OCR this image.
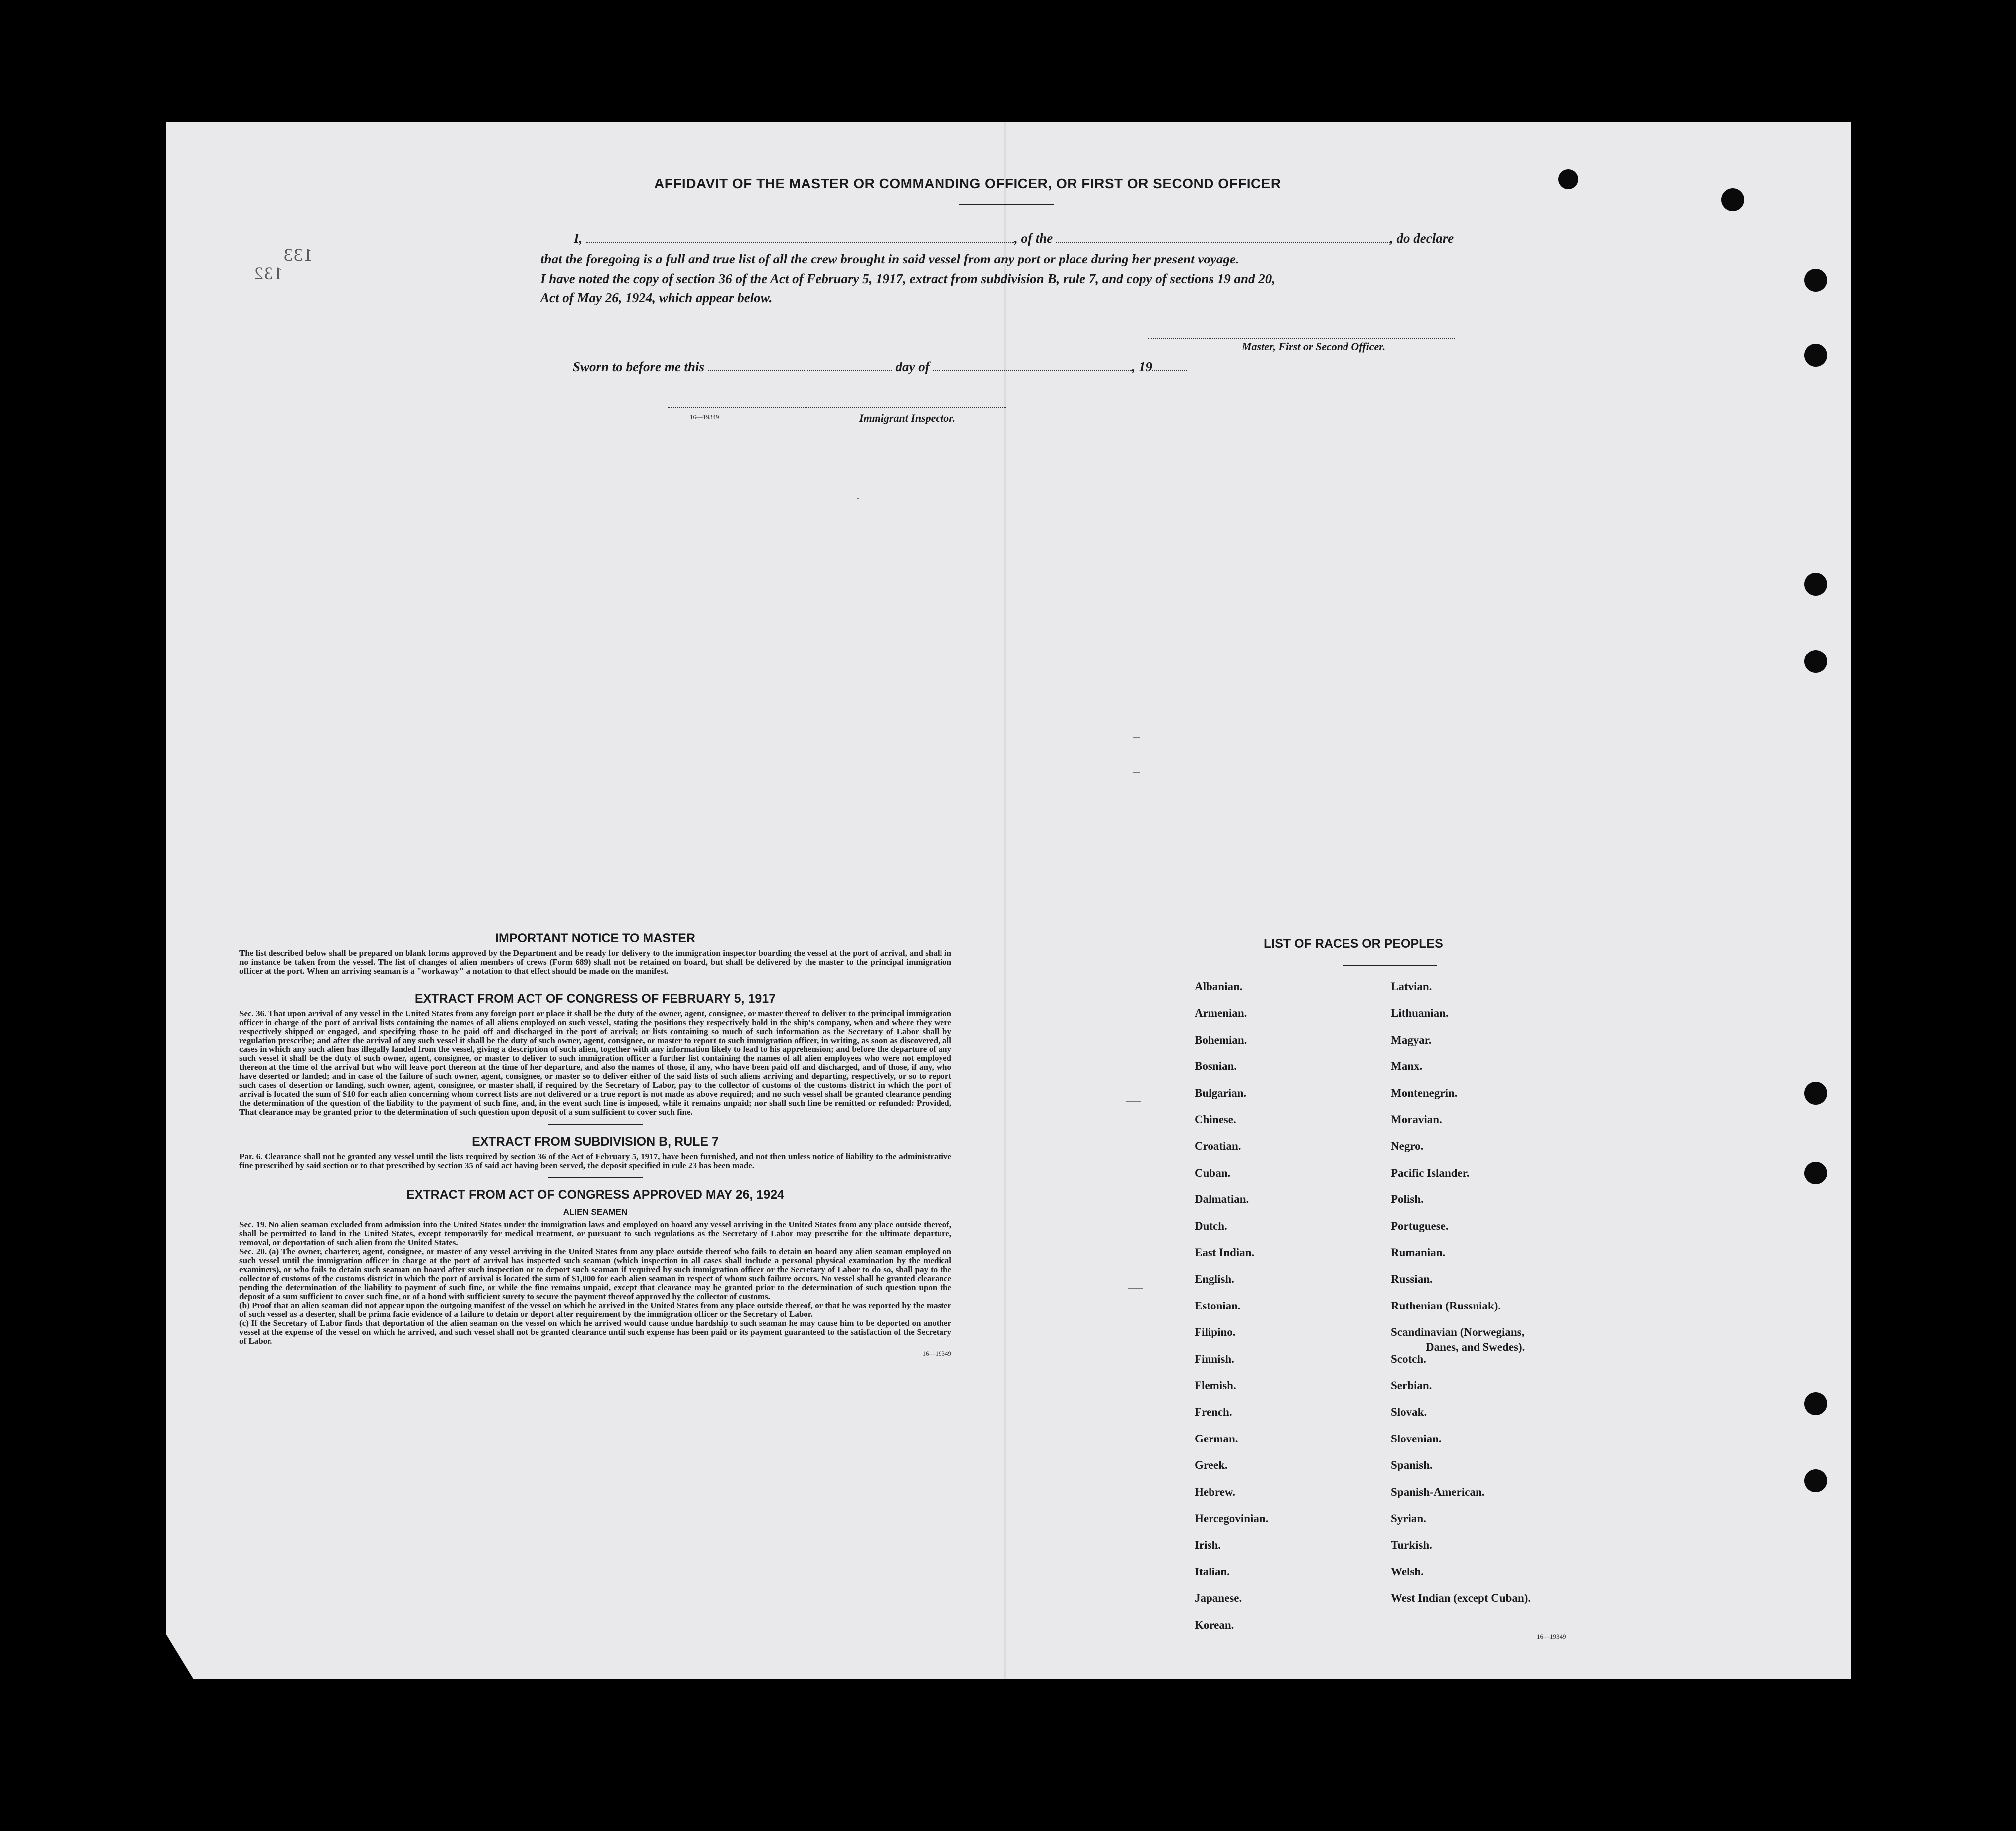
133
132
AFFIDAVIT OF THE MASTER OR COMMANDING OFFICER, OR FIRST OR SECOND OFFICER
I,	, of the	, do declare
that the foregoing is a full and true list of all the crew brought in said vessel from any port or place during her present voyage.
I have noted the copy of section 36 of the Act of February 5, 1917, extract from subdivision B, rule 7, and copy of sections 19 and 20,
Act of May 26, 1924, which appear below.
Master, First or Second Officer.
Sworn to before me this	day of	, 19
16—19349	Immigrant Inspector.
IMPORTANT NOTICE TO MASTER
The list described below shall be prepared on blank forms approved by the Department and be ready for delivery to the immigration inspector boarding the vessel at the port of arrival, and shall in no instance be taken from the vessel. The list of changes of alien members of crews (Form 689) shall not be retained on board, but shall be delivered by the master to the principal immigration officer at the port. When an arriving seaman is a "workaway" a notation to that effect should be made on the manifest.
EXTRACT FROM ACT OF CONGRESS OF FEBRUARY 5, 1917
Sec. 36. That upon arrival of any vessel in the United States from any foreign port or place it shall be the duty of the owner, agent, consignee, or master thereof to deliver to the principal immigration officer in charge of the port of arrival lists containing the names of all aliens employed on such vessel, stating the positions they respectively hold in the ship's company, when and where they were respectively shipped or engaged, and specifying those to be paid off and discharged in the port of arrival; or lists containing so much of such information as the Secretary of Labor shall by regulation prescribe; and after the arrival of any such vessel it shall be the duty of such owner, agent, consignee, or master to report to such immigration officer, in writing, as soon as discovered, all cases in which any such alien has illegally landed from the vessel, giving a description of such alien, together with any information likely to lead to his apprehension; and before the departure of any such vessel it shall be the duty of such owner, agent, consignee, or master to deliver to such immigration officer a further list containing the names of all alien employees who were not employed thereon at the time of the arrival but who will leave port thereon at the time of her departure, and also the names of those, if any, who have been paid off and discharged, and of those, if any, who have deserted or landed; and in case of the failure of such owner, agent, consignee, or master so to deliver either of the said lists of such aliens arriving and departing, respectively, or so to report such cases of desertion or landing, such owner, agent, consignee, or master shall, if required by the Secretary of Labor, pay to the collector of customs of the customs district in which the port of arrival is located the sum of $10 for each alien concerning whom correct lists are not delivered or a true report is not made as above required; and no such vessel shall be granted clearance pending the determination of the question of the liability to the payment of such fine, and, in the event such fine is imposed, while it remains unpaid; nor shall such fine be remitted or refunded: Provided, That clearance may be granted prior to the determination of such question upon deposit of a sum sufficient to cover such fine.
EXTRACT FROM SUBDIVISION B, RULE 7
Par. 6. Clearance shall not be granted any vessel until the lists required by section 36 of the Act of February 5, 1917, have been furnished, and not then unless notice of liability to the administrative fine prescribed by said section or to that prescribed by section 35 of said act having been served, the deposit specified in rule 23 has been made.
EXTRACT FROM ACT OF CONGRESS APPROVED MAY 26, 1924
ALIEN SEAMEN

Sec. 19. No alien seaman excluded from admission into the United States under the immigration laws and employed on board any vessel arriving in the United States from any place outside thereof, shall be permitted to land in the United States, except temporarily for medical treatment, or pursuant to such regulations as the Secretary of Labor may prescribe for the ultimate departure, removal, or deportation of such alien from the United States.

Sec. 20. (a) The owner, charterer, agent, consignee, or master of any vessel arriving in the United States from any place outside thereof who fails to detain on board any alien seaman employed on such vessel until the immigration officer in charge at the port of arrival has inspected such seaman (which inspection in all cases shall include a personal physical examination by the medical examiners), or who fails to detain such seaman on board after such inspection or to deport such seaman if required by such immigration officer or the Secretary of Labor to do so, shall pay to the collector of customs of the customs district in which the port of arrival is located the sum of $1,000 for each alien seaman in respect of whom such failure occurs. No vessel shall be granted clearance pending the determination of the liability to payment of such fine, or while the fine remains unpaid, except that clearance may be granted prior to the determination of such question upon the deposit of a sum sufficient to cover such fine, or of a bond with sufficient surety to secure the payment thereof approved by the collector of customs.

(b) Proof that an alien seaman did not appear upon the outgoing manifest of the vessel on which he arrived in the United States from any place outside thereof, or that he was reported by the master of such vessel as a deserter, shall be prima facie evidence of a failure to detain or deport after requirement by the immigration officer or the Secretary of Labor.

(c) If the Secretary of Labor finds that deportation of the alien seaman on the vessel on which he arrived would cause undue hardship to such seaman he may cause him to be deported on another vessel at the expense of the vessel on which he arrived, and such vessel shall not be granted clearance until such expense has been paid or its payment guaranteed to the satisfaction of the Secretary of Labor.

16—19349
LIST OF RACES OR PEOPLES
Albanian.
Armenian.
Bohemian.
Bosnian.
Bulgarian.
Chinese.
Croatian.
Cuban.
Dalmatian.
Dutch.
East Indian.
English.
Estonian.
Filipino.
Finnish.
Flemish.
French.
German.
Greek.
Hebrew.
Hercegovinian.
Irish.
Italian.
Japanese.
Korean.
Latvian.
Lithuanian.
Magyar.
Manx.
Montenegrin.
Moravian.
Negro.
Pacific Islander.
Polish.
Portuguese.
Rumanian.
Russian.
Ruthenian (Russniak).
Scandinavian (Norwegians,
Danes, and Swedes).
Scotch.
Serbian.
Slovak.
Slovenian.
Spanish.
Spanish-American.
Syrian.
Turkish.
Welsh.
West Indian (except Cuban).
16—19349
